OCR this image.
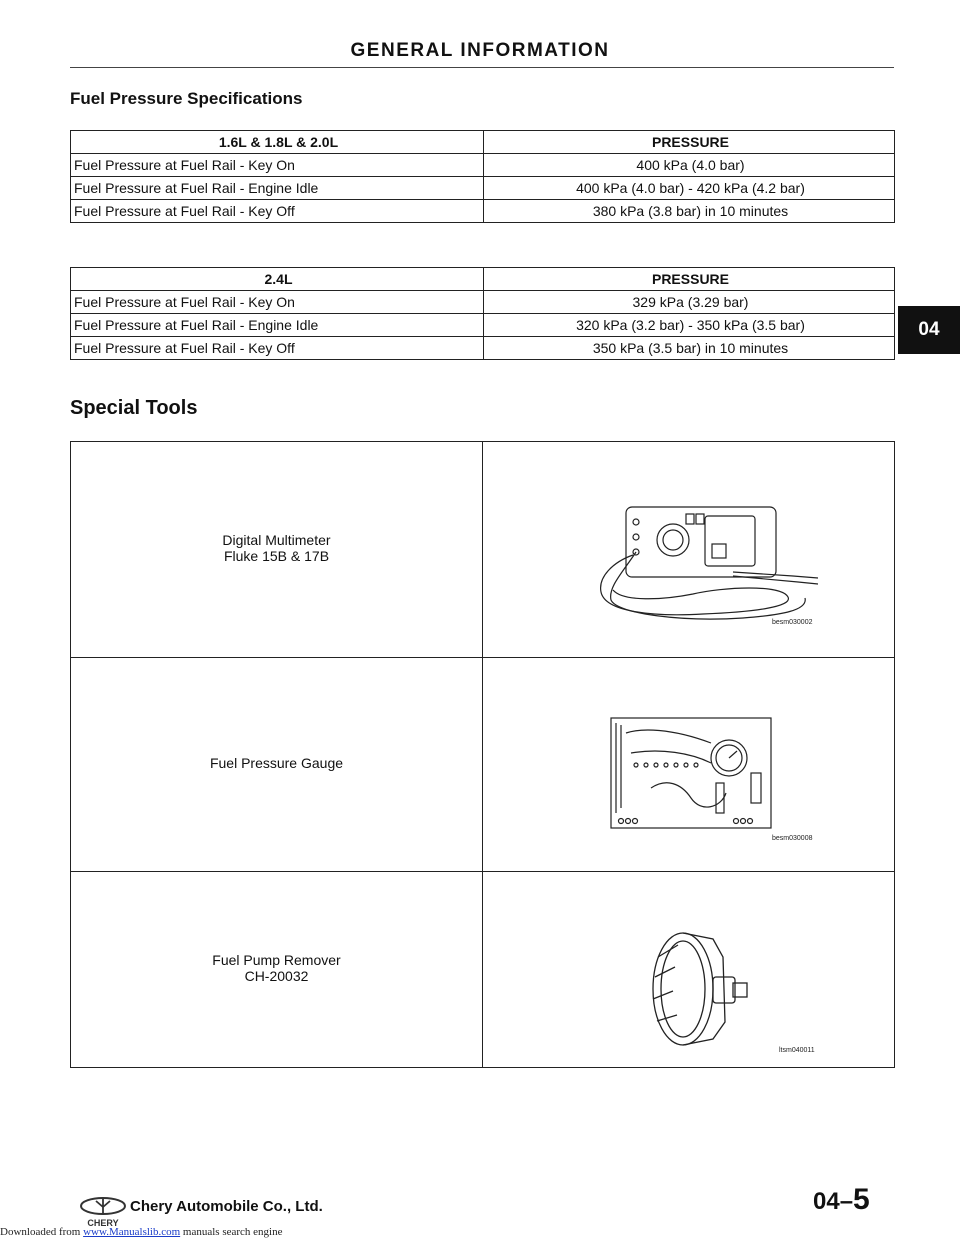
GENERAL INFORMATION
Fuel Pressure Specifications
1.6L & 1.8L & 2.0L	PRESSURE
Fuel Pressure at Fuel Rail - Key On	400 kPa (4.0 bar)
Fuel Pressure at Fuel Rail - Engine Idle	400 kPa (4.0 bar) - 420 kPa (4.2 bar)
Fuel Pressure at Fuel Rail - Key Off	380 kPa (3.8 bar) in 10 minutes
2.4L	PRESSURE
Fuel Pressure at Fuel Rail - Key On	329 kPa (3.29 bar)
Fuel Pressure at Fuel Rail - Engine Idle	320 kPa (3.2 bar) - 350 kPa (3.5 bar)
Fuel Pressure at Fuel Rail - Key Off	350 kPa (3.5 bar) in 10 minutes
04
Special Tools
Digital Multimeter
Fluke 15B & 17B	besm030002

Fuel Pressure Gauge	besm030008

Fuel Pump Remover
CH-20032	ltsm040011
CHERY
Chery Automobile Co., Ltd.	04–5
Downloaded from www.Manualslib.com manuals search engine
